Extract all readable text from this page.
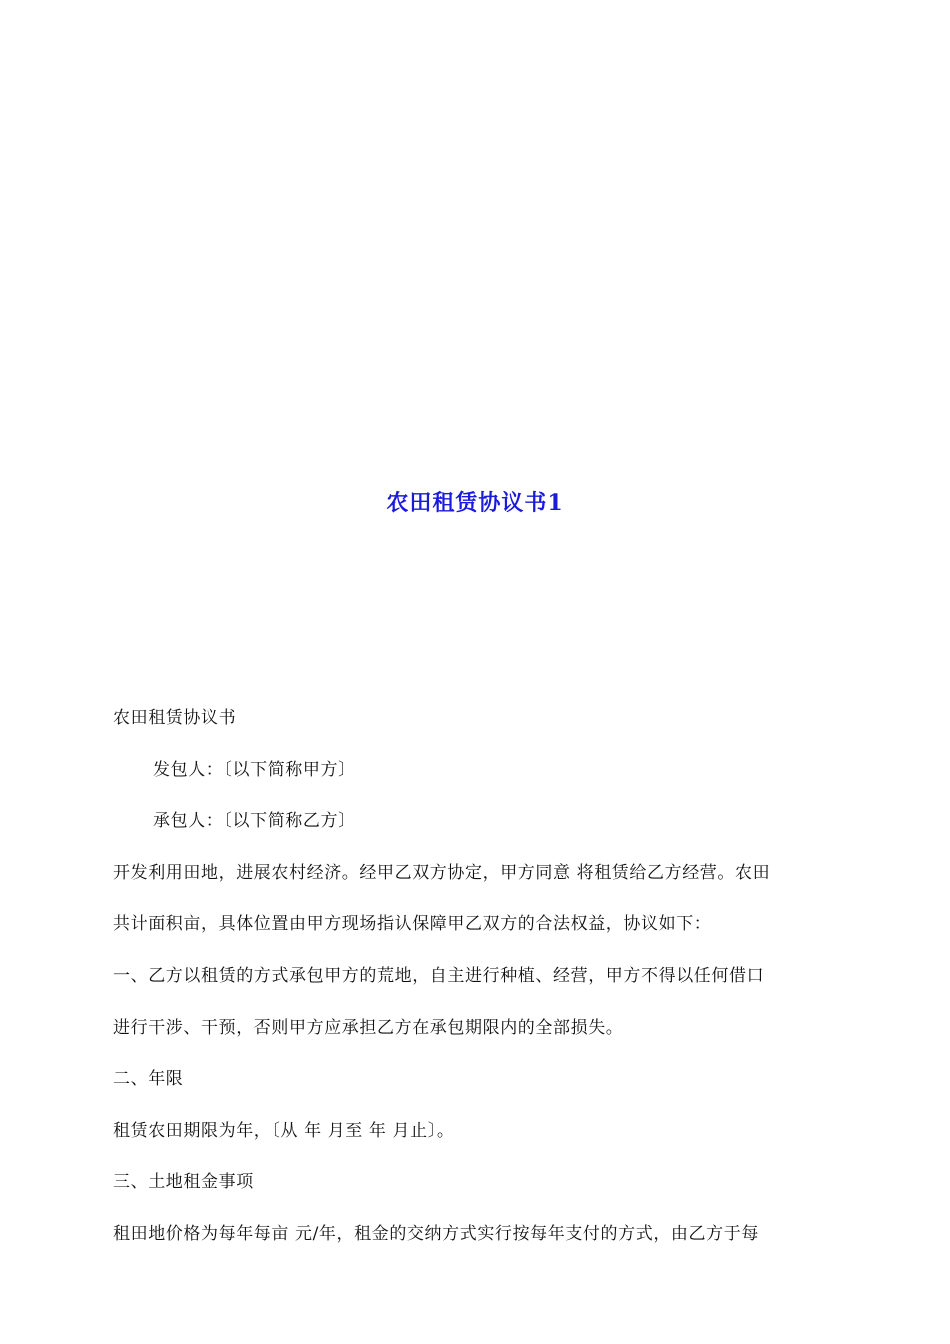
农田租赁协议书1
农田租赁协议书
发包人：〔以下简称甲方〕
承包人：〔以下简称乙方〕
开发利用田地，进展农村经济。经甲乙双方协定，甲方同意 将租赁给乙方经营。农田
共计面积亩，具体位置由甲方现场指认保障甲乙双方的合法权益，协议如下：
一、乙方以租赁的方式承包甲方的荒地，自主进行种植、经营，甲方不得以任何借口
进行干涉、干预，否则甲方应承担乙方在承包期限内的全部损失。
二、年限
租赁农田期限为年，〔从 年 月至 年 月止〕。
三、土地租金事项
租田地价格为每年每亩 元/年，租金的交纳方式实行按每年支付的方式，由乙方于每
